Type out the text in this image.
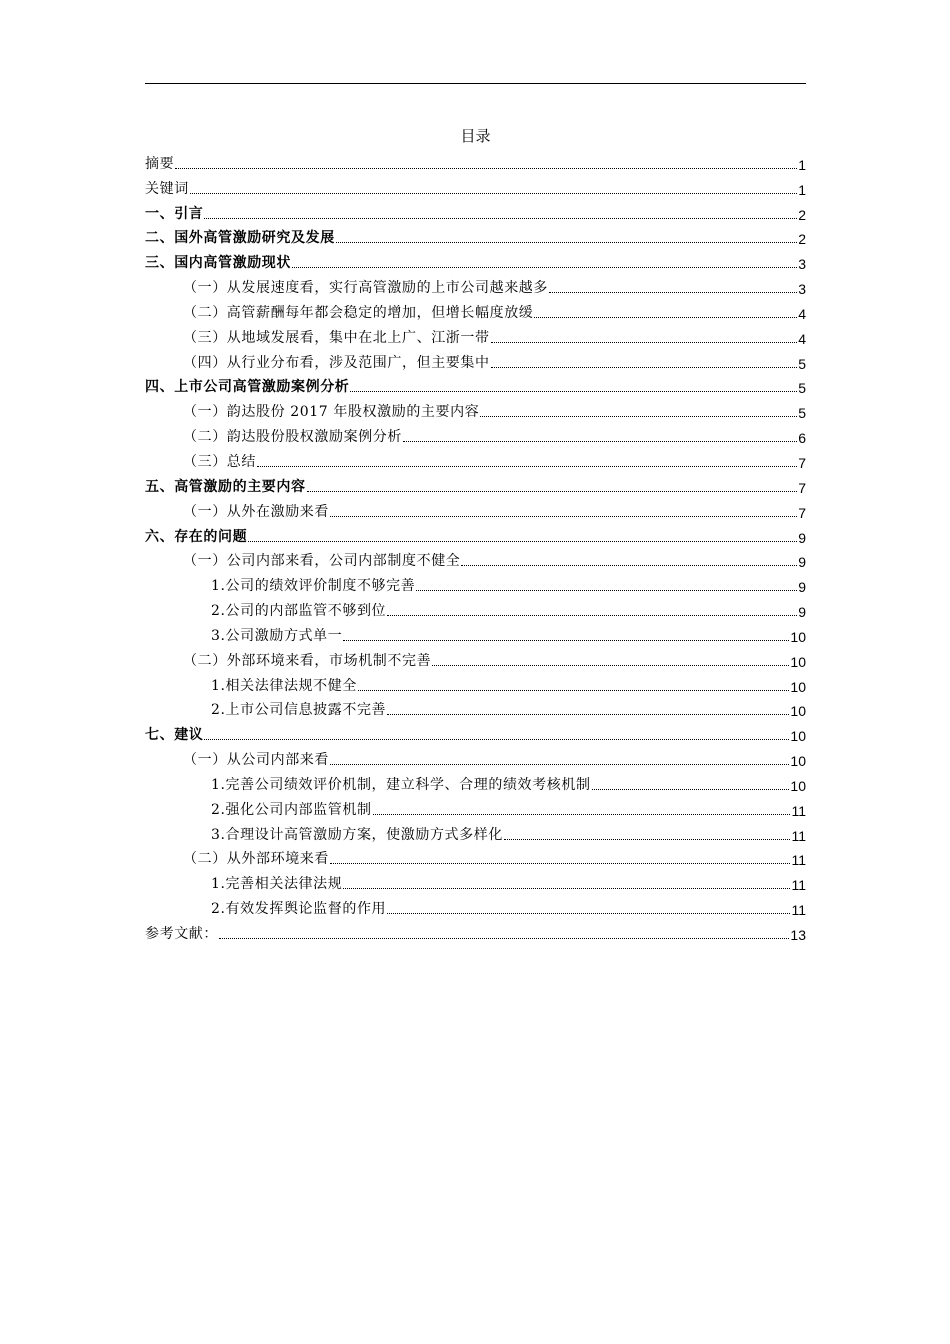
目录
摘要	1
关键词	1
一、引言	2
二、国外高管激励研究及发展	2
三、国内高管激励现状	3
（一）从发展速度看，实行高管激励的上市公司越来越多	3
（二）高管薪酬每年都会稳定的增加，但增长幅度放缓	4
（三）从地域发展看，集中在北上广、江浙一带	4
（四）从行业分布看，涉及范围广，但主要集中	5
四、上市公司高管激励案例分析	5
（一）韵达股份 2017 年股权激励的主要内容	5
（二）韵达股份股权激励案例分析	6
（三）总结	7
五、高管激励的主要内容	7
（一）从外在激励来看	7
六、存在的问题	9
（一）公司内部来看，公司内部制度不健全	9
1.公司的绩效评价制度不够完善	9
2.公司的内部监管不够到位	9
3.公司激励方式单一	10
（二）外部环境来看，市场机制不完善	10
1.相关法律法规不健全	10
2.上市公司信息披露不完善	10
七、建议	10
（一）从公司内部来看	10
1.完善公司绩效评价机制，建立科学、合理的绩效考核机制	10
2.强化公司内部监管机制	11
3.合理设计高管激励方案，使激励方式多样化	11
（二）从外部环境来看	11
1.完善相关法律法规	11
2.有效发挥舆论监督的作用	11
参考文献：	13
